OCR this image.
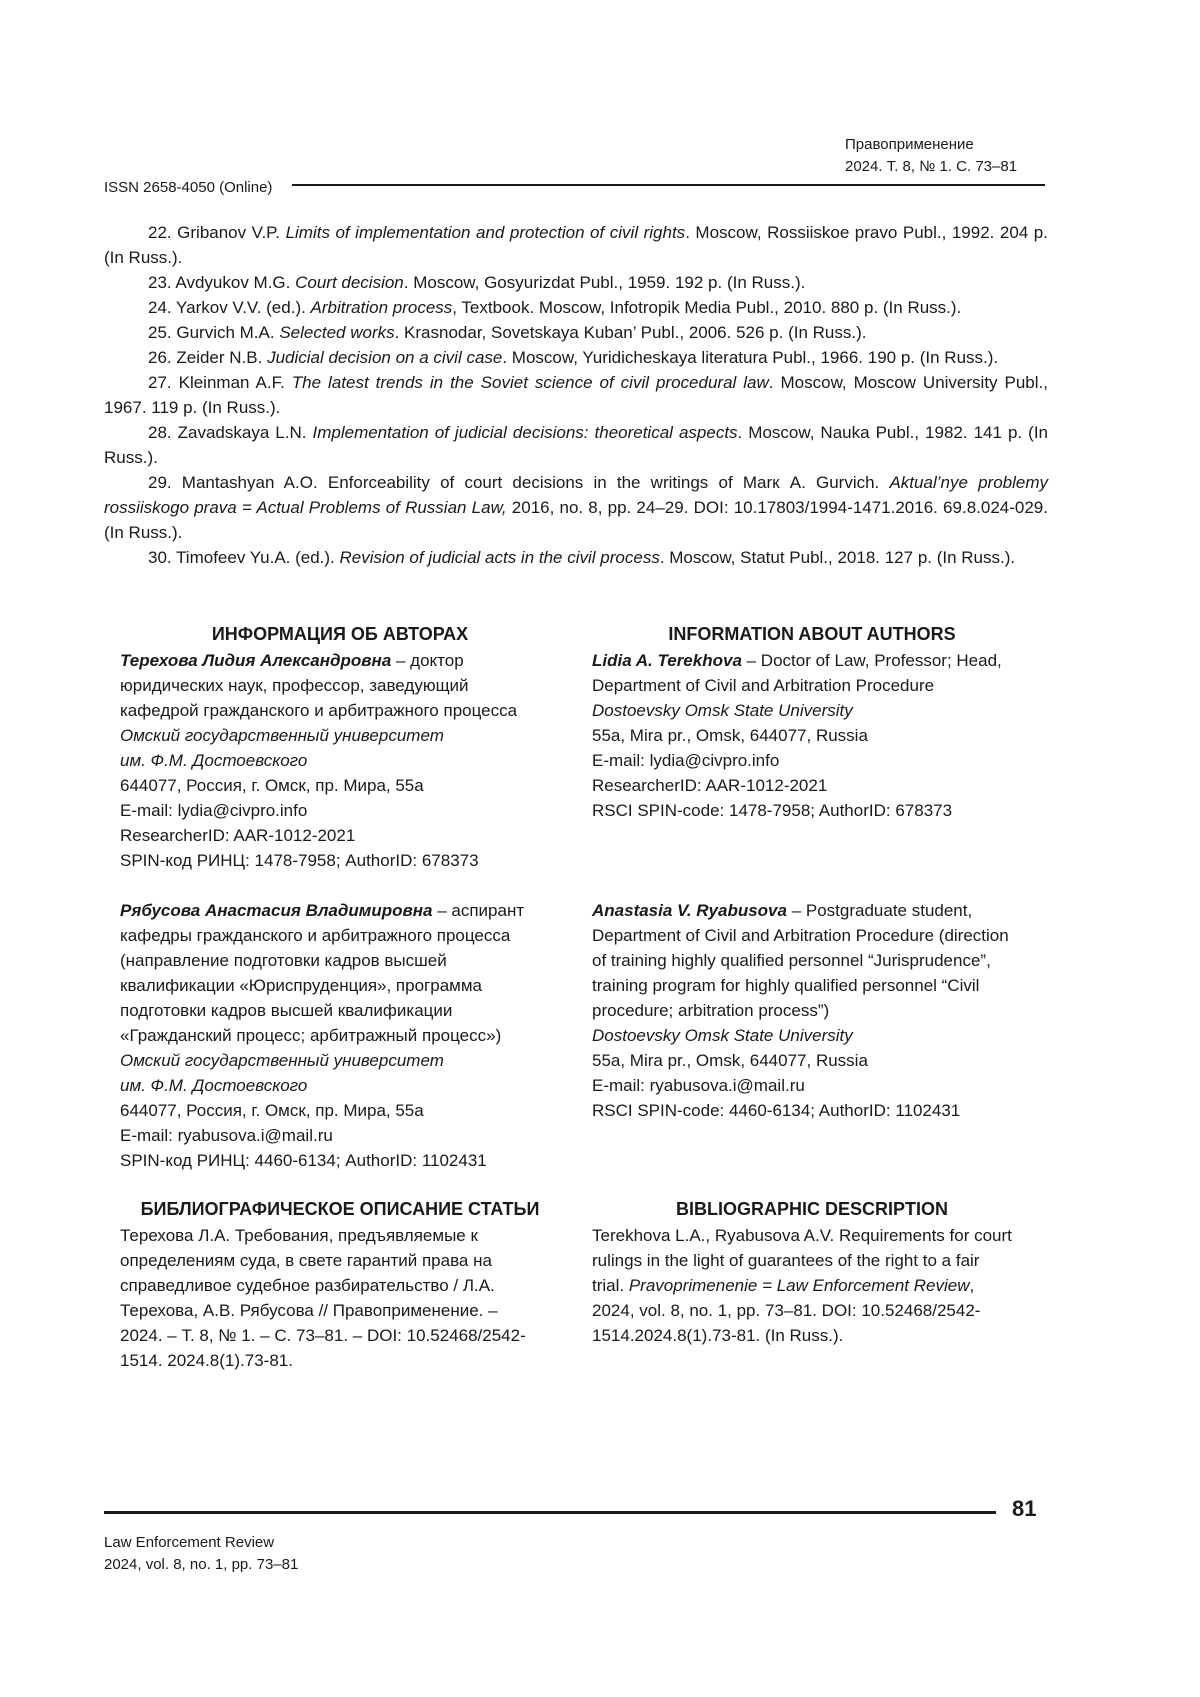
Правоприменение
2024. Т. 8, № 1. С. 73–81
ISSN 2658-4050 (Online)

22. Gribanov V.P. Limits of implementation and protection of civil rights. Moscow, Rossiiskoe pravo Publ., 1992. 204 p. (In Russ.).

23. Avdyukov M.G. Court decision. Moscow, Gosyurizdat Publ., 1959. 192 p. (In Russ.).

24. Yarkov V.V. (ed.). Arbitration process, Textbook. Moscow, Infotropik Media Publ., 2010. 880 p. (In Russ.).

25. Gurvich M.A. Selected works. Krasnodar, Sovetskaya Kuban’ Publ., 2006. 526 p. (In Russ.).

26. Zeider N.B. Judicial decision on a civil case. Moscow, Yuridicheskaya literatura Publ., 1966. 190 p. (In Russ.).

27. Kleinman A.F. The latest trends in the Soviet science of civil procedural law. Moscow, Moscow University Publ., 1967. 119 p. (In Russ.).

28. Zavadskaya L.N. Implementation of judicial decisions: theoretical aspects. Moscow, Nauka Publ., 1982. 141 p. (In Russ.).

29. Mantashyan A.O. Enforceability of court decisions in the writings of Marк A. Gurvich. Aktual’nye problemy rossiiskogo prava = Actual Problems of Russian Law, 2016, no. 8, pp. 24–29. DOI: 10.17803/1994-1471.2016. 69.8.024-029. (In Russ.).

30. Timofeev Yu.A. (ed.). Revision of judicial acts in the civil process. Moscow, Statut Publ., 2018. 127 p. (In Russ.).

ИНФОРМАЦИЯ ОБ АВТОРАХ	INFORMATION ABOUT AUTHORS

Терехова Лидия Александровна – доктор юридических наук, профессор, заведующий кафедрой гражданского и арбитражного процесса

Омский государственный университет

им. Ф.М. Достоевского

644077, Россия, г. Омск, пр. Мира, 55а

E-mail: lydia@civpro.info

ResearcherID: AAR-1012-2021

SPIN-код РИНЦ: 1478-7958; AuthorID: 678373

Lidia A. Terekhova – Doctor of Law, Professor; Head, Department of Civil and Arbitration Procedure

Dostoevsky Omsk State University

55a, Mira pr., Omsk, 644077, Russia

E-mail: lydia@civpro.info

ResearcherID: AAR-1012-2021

RSCI SPIN-code: 1478-7958; AuthorID: 678373

Рябусова Анастасия Владимировна – аспирант кафедры гражданского и арбитражного процесса (направление подготовки кадров высшей квалификации «Юриспруденция», программа подготовки кадров высшей квалификации «Гражданский процесс; арбитражный процесс»)

Омский государственный университет

им. Ф.М. Достоевского

644077, Россия, г. Омск, пр. Мира, 55а

E-mail: ryabusova.i@mail.ru

SPIN-код РИНЦ: 4460-6134; AuthorID: 1102431

Anastasia V. Ryabusova – Postgraduate student, Department of Civil and Arbitration Procedure (direction of training highly qualified personnel “Jurisprudence”, training program for highly qualified personnel “Civil procedure; arbitration process”)

Dostoevsky Omsk State University

55a, Mira pr., Omsk, 644077, Russia

E-mail: ryabusova.i@mail.ru

RSCI SPIN-code: 4460-6134; AuthorID: 1102431

БИБЛИОГРАФИЧЕСКОЕ ОПИСАНИЕ СТАТЬИ	BIBLIOGRAPHIC DESCRIPTION

Терехова Л.А. Требования, предъявляемые к определениям суда, в свете гарантий права на справедливое судебное разбирательство / Л.А. Терехова, А.В. Рябусова // Правоприменение. – 2024. – Т. 8, № 1. – С. 73–81. – DOI: 10.52468/2542-1514. 2024.8(1).73-81.

Terekhova L.A., Ryabusova A.V. Requirements for court rulings in the light of guarantees of the right to a fair trial. Pravoprimenenie = Law Enforcement Review, 2024, vol. 8, no. 1, pp. 73–81. DOI: 10.52468/2542-1514.2024.8(1).73-81. (In Russ.).

81
Law Enforcement Review
2024, vol. 8, no. 1, pp. 73–81
